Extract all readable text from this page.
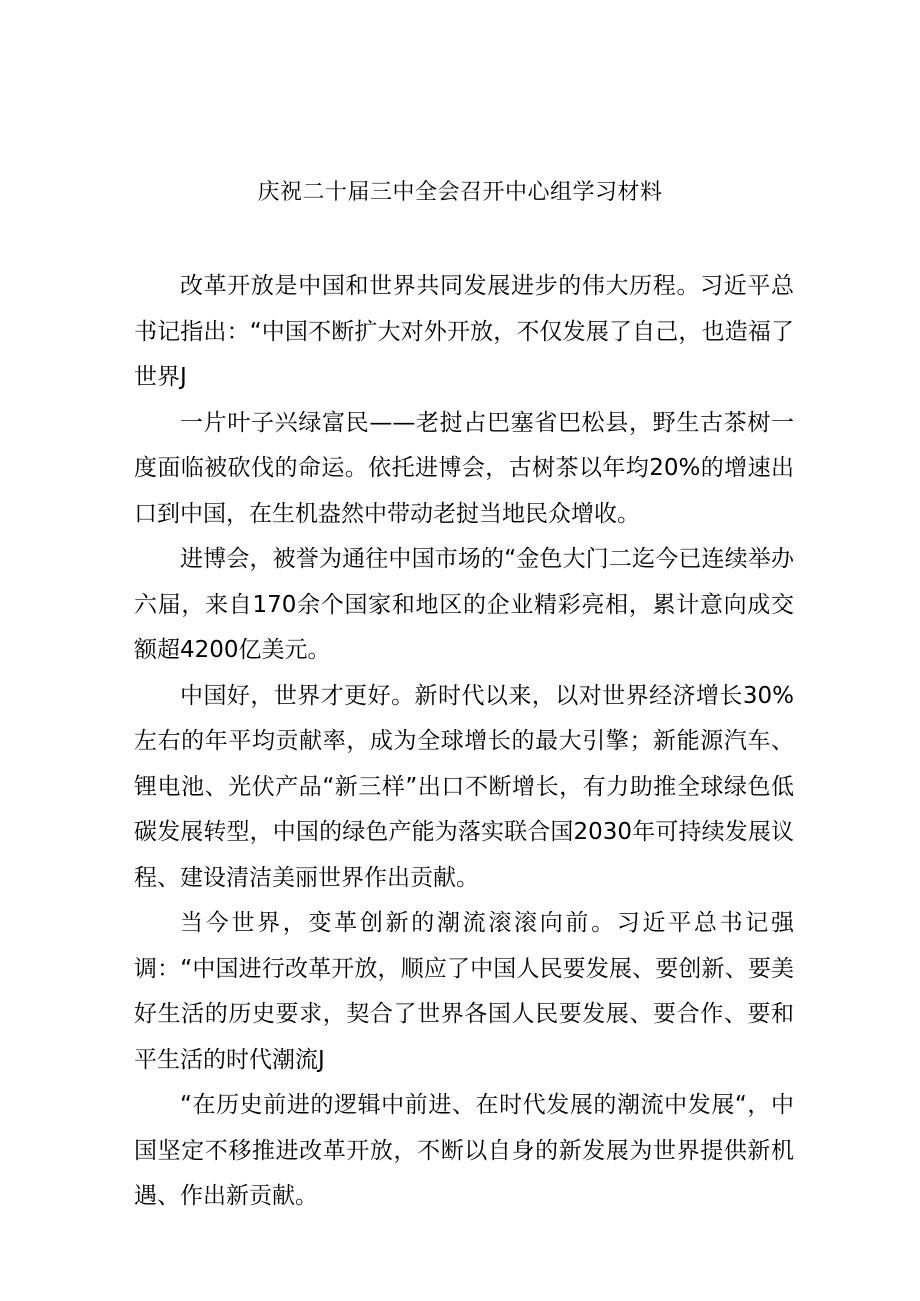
庆祝二十届三中全会召开中心组学习材料

改革开放是中国和世界共同发展进步的伟大历程。习近平总书记指出：“中国不断扩大对外开放，不仅发展了自己，也造福了世界J

一片叶子兴绿富民——老挝占巴塞省巴松县，野生古茶树一度面临被砍伐的命运。依托进博会，古树茶以年均20%的增速出口到中国，在生机盎然中带动老挝当地民众增收。

进博会，被誉为通往中国市场的“金色大门二迄今已连续举办六届，来自170余个国家和地区的企业精彩亮相，累计意向成交额超4200亿美元。

中国好，世界才更好。新时代以来，以对世界经济增长30%左右的年平均贡献率，成为全球增长的最大引擎；新能源汽车、锂电池、光伏产品“新三样”出口不断增长，有力助推全球绿色低碳发展转型，中国的绿色产能为落实联合国2030年可持续发展议程、建设清洁美丽世界作出贡献。

当今世界，变革创新的潮流滚滚向前。习近平总书记强调：“中国进行改革开放，顺应了中国人民要发展、要创新、要美好生活的历史要求，契合了世界各国人民要发展、要合作、要和平生活的时代潮流J

“在历史前进的逻辑中前进、在时代发展的潮流中发展“，中国坚定不移推进改革开放，不断以自身的新发展为世界提供新机遇、作出新贡献。
